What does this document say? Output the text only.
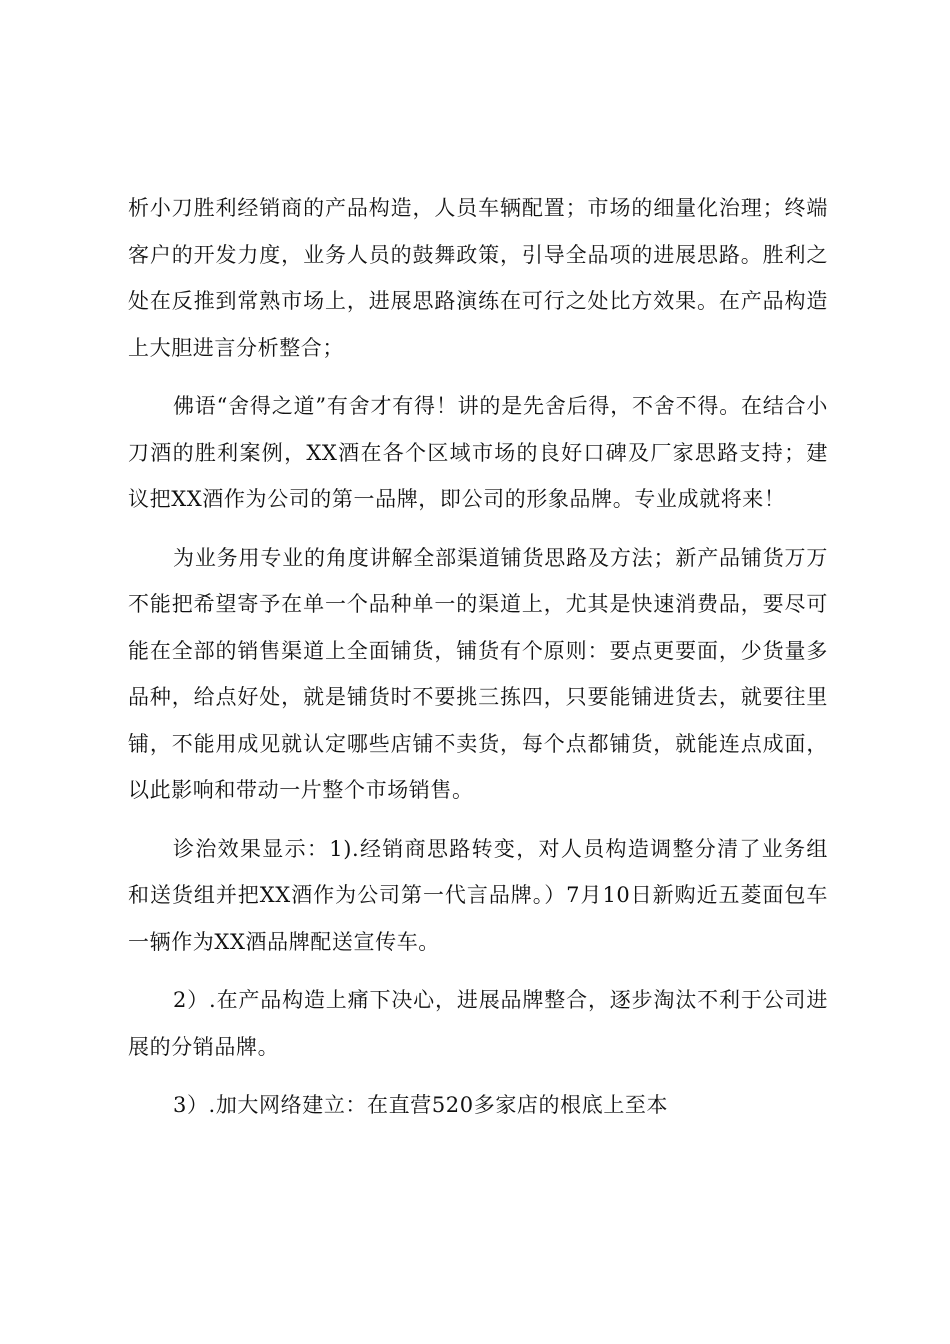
析小刀胜利经销商的产品构造，人员车辆配置；市场的细量化治理；终端客户的开发力度，业务人员的鼓舞政策，引导全品项的进展思路。胜利之处在反推到常熟市场上，进展思路演练在可行之处比方效果。在产品构造上大胆进言分析整合；

佛语“舍得之道”有舍才有得！讲的是先舍后得，不舍不得。在结合小刀酒的胜利案例，XX酒在各个区域市场的良好口碑及厂家思路支持；建议把XX酒作为公司的第一品牌，即公司的形象品牌。专业成就将来！

为业务用专业的角度讲解全部渠道铺货思路及方法；新产品铺货万万不能把希望寄予在单一个品种单一的渠道上，尤其是快速消费品，要尽可能在全部的销售渠道上全面铺货，铺货有个原则：要点更要面，少货量多品种，给点好处，就是铺货时不要挑三拣四，只要能铺进货去，就要往里铺，不能用成见就认定哪些店铺不卖货，每个点都铺货，就能连点成面，以此影响和带动一片整个市场销售。

诊治效果显示：1).经销商思路转变，对人员构造调整分清了业务组和送货组并把XX酒作为公司第一代言品牌。）7月10日新购近五菱面包车一辆作为XX酒品牌配送宣传车。

2）.在产品构造上痛下决心，进展品牌整合，逐步淘汰不利于公司进展的分销品牌。

3）.加大网络建立：在直营520多家店的根底上至本
